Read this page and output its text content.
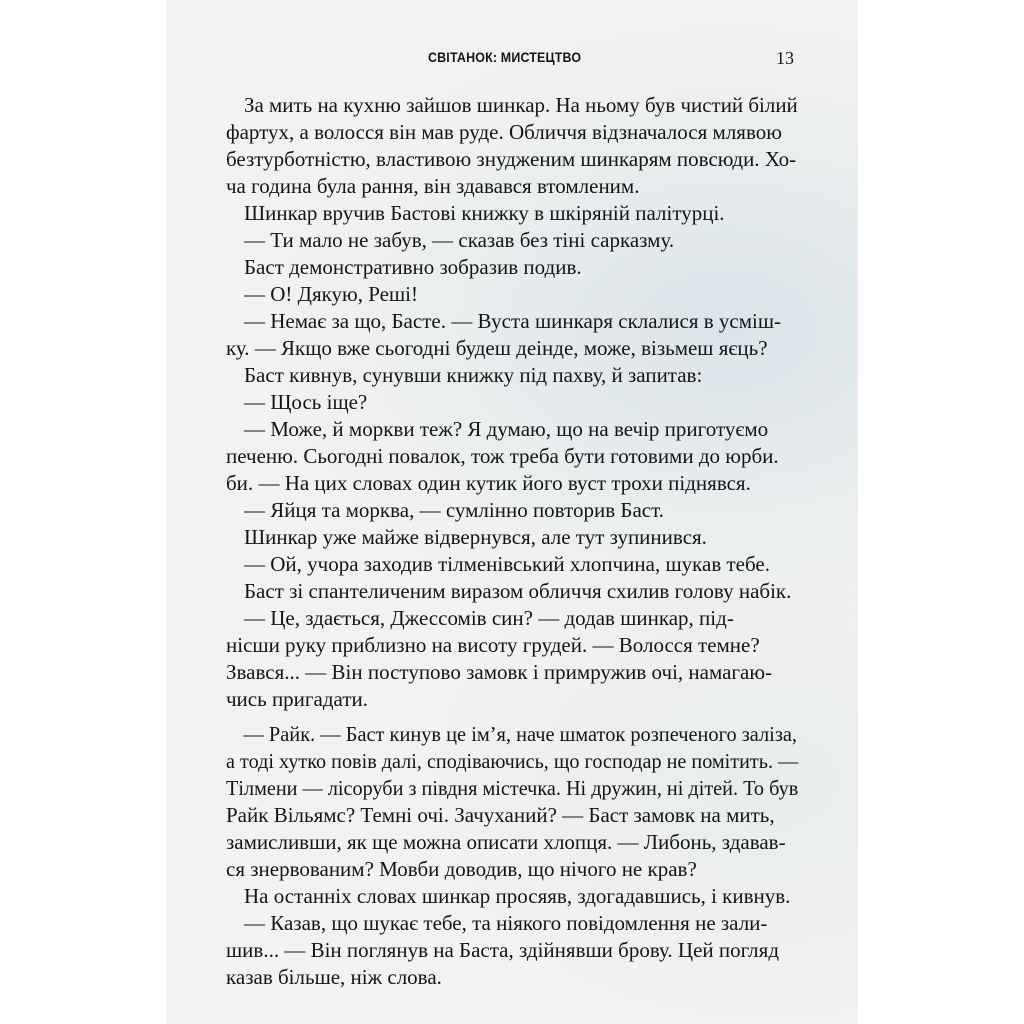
СВІТАНОК: МИСТЕЦТВО	13
За мить на кухню зайшов шинкар. На ньому був чистий білий
фартух, а волосся він мав руде. Обличчя відзначалося млявою
безтурботністю, властивою знудженим шинкарям повсюди. Хо-
ча година була рання, він здавався втомленим.
Шинкар вручив Бастові книжку в шкіряній палітурці.
— Ти мало не забув, — сказав без тіні сарказму.
Баст демонстративно зобразив подив.
— О! Дякую, Реші!
— Немає за що, Басте. — Вуста шинкаря склалися в усміш-
ку. — Якщо вже сьогодні будеш деінде, може, візьмеш яєць?
Баст кивнув, сунувши книжку під пахву, й запитав:
— Щось іще?
— Може, й моркви теж? Я думаю, що на вечір приготуємо
печеню. Сьогодні повалок, тож треба бути готовими до юрби.
би. — На цих словах один кутик його вуст трохи піднявся.
— Яйця та морква, — сумлінно повторив Баст.
Шинкар уже майже відвернувся, але тут зупинився.
— Ой, учора заходив тілменівський хлопчина, шукав тебе.
Баст зі спантеличеним виразом обличчя схилив голову набік.
— Це, здається, Джессомів син? — додав шинкар, під-
нісши руку приблизно на висоту грудей. — Волосся темне?
Звався... — Він поступово замовк і примружив очі, намагаю-
чись пригадати.
— Райк. — Баст кинув це ім’я, наче шматок розпеченого заліза,
а тоді хутко повів далі, сподіваючись, що господар не помітить. —
Тілмени — лісоруби з півдня містечка. Ні дружин, ні дітей. То був
Райк Вільямс? Темні очі. Зачуханий? — Баст замовк на мить,
замисливши, як ще можна описати хлопця. — Либонь, здавав-
ся знервованим? Мовби доводив, що нічого не крав?
На останніх словах шинкар просяяв, здогадавшись, і кивнув.
— Казав, що шукає тебе, та ніякого повідомлення не зали-
шив... — Він поглянув на Баста, здійнявши брову. Цей погляд
казав більше, ніж слова.
